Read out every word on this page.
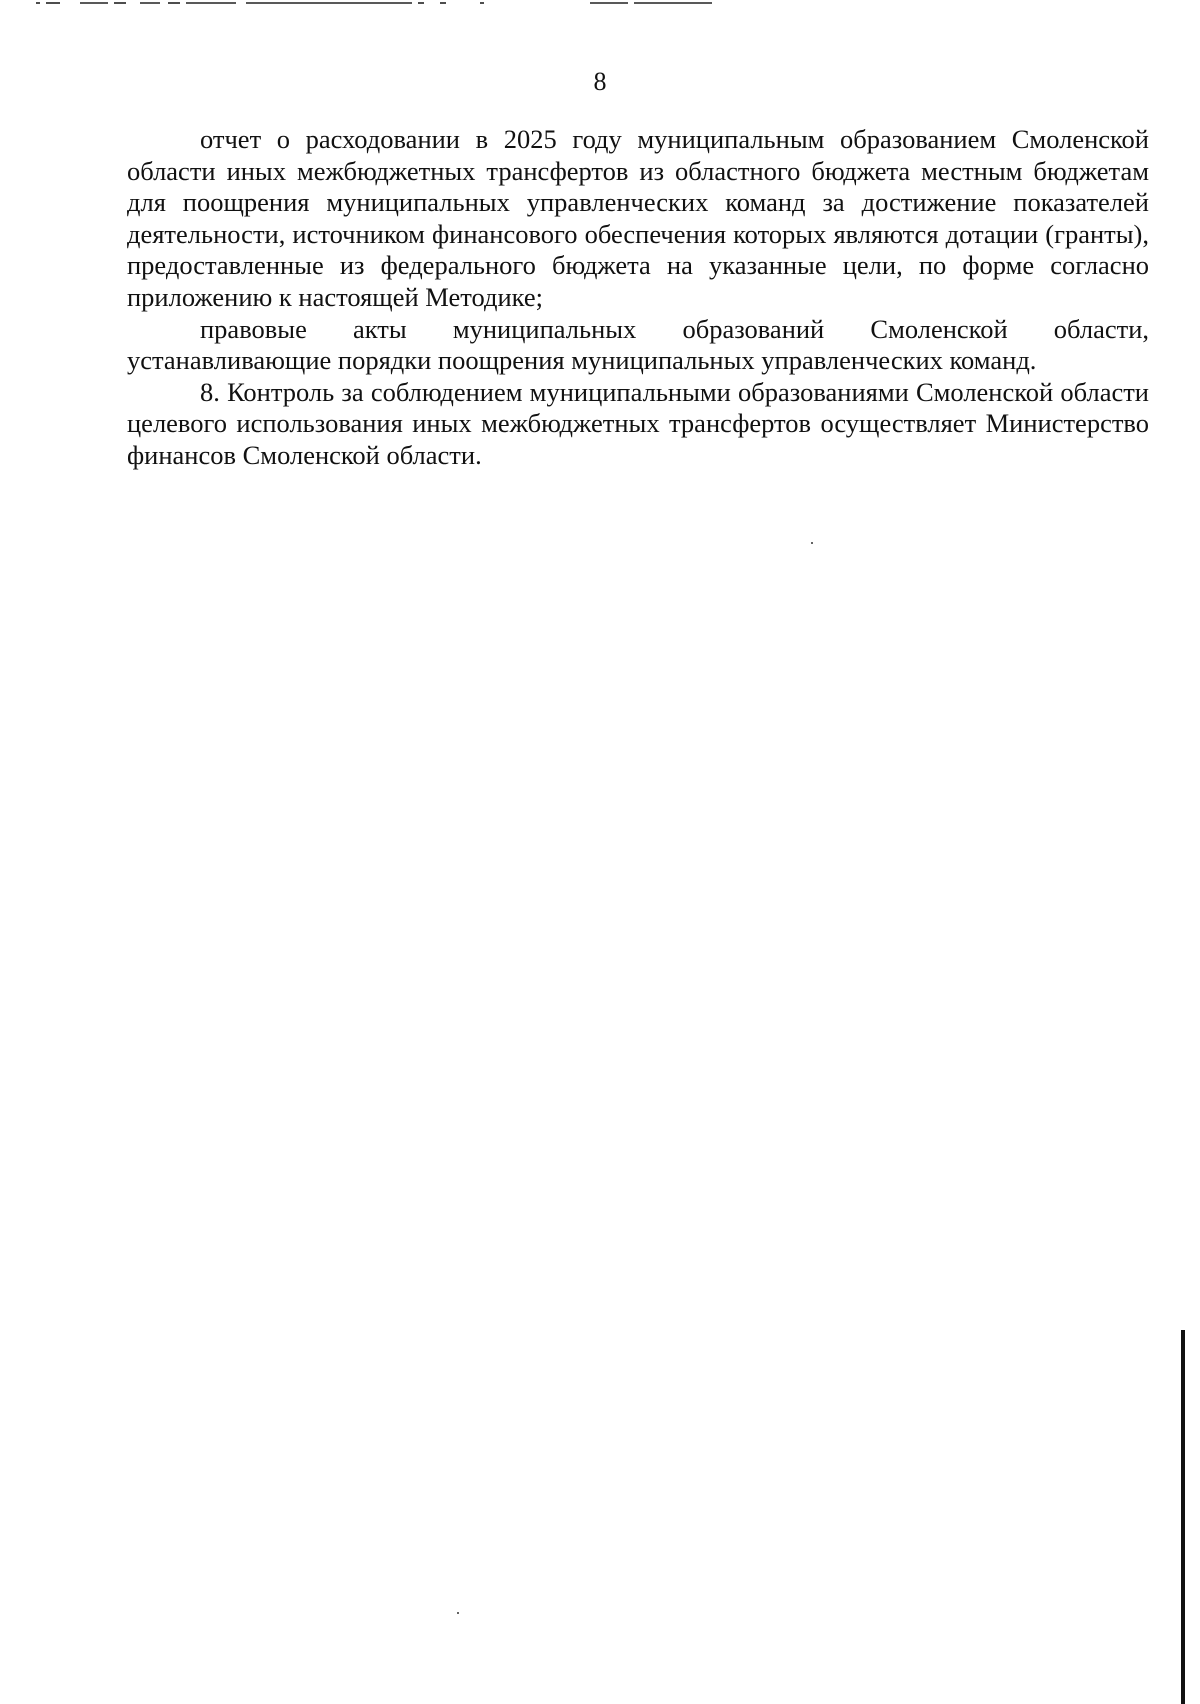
8

отчет о расходовании в 2025 году муниципальным образованием Смоленской области иных межбюджетных трансфертов из областного бюджета местным бюджетам для поощрения муниципальных управленческих команд за достижение показателей деятельности, источником финансового обеспечения которых являются дотации (гранты), предоставленные из федерального бюджета на указанные цели, по форме согласно приложению к настоящей Методике;

правовые акты муниципальных образований Смоленской области, устанавливающие порядки поощрения муниципальных управленческих команд.

8. Контроль за соблюдением муниципальными образованиями Смоленской области целевого использования иных межбюджетных трансфертов осуществляет Министерство финансов Смоленской области.
